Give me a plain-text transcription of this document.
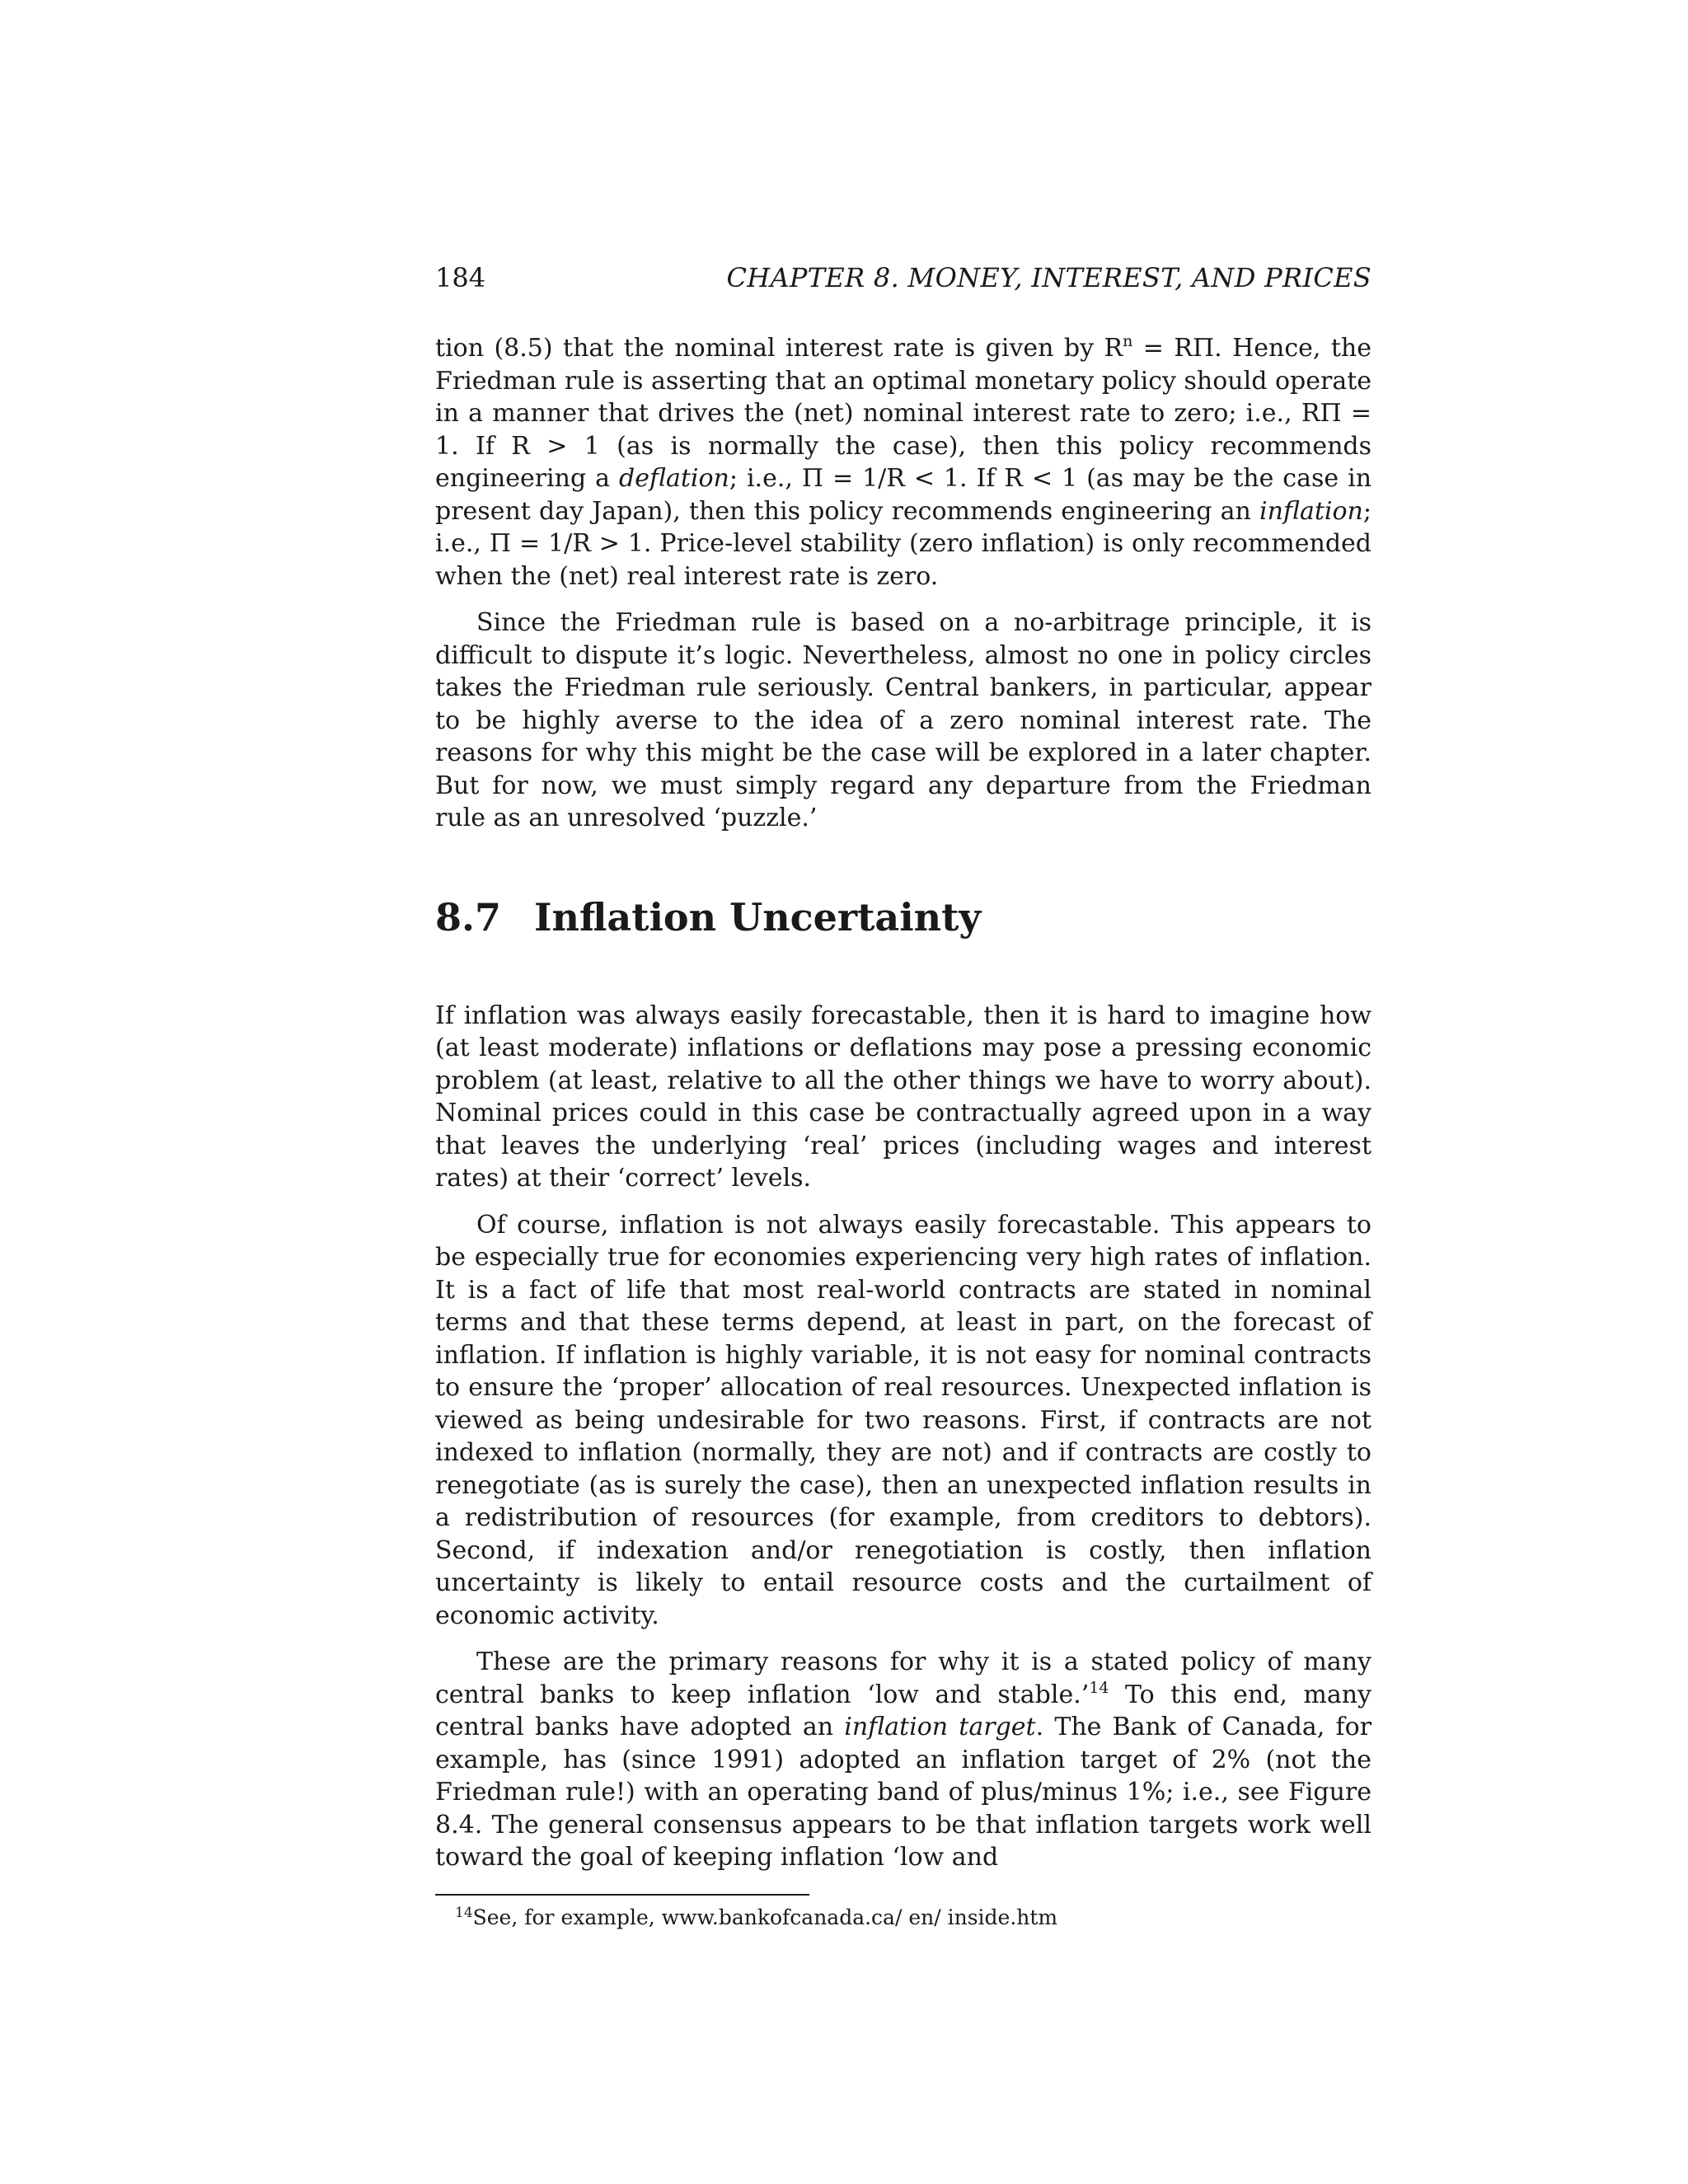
184	CHAPTER 8. MONEY, INTEREST, AND PRICES

tion (8.5) that the nominal interest rate is given by $R^n = R\Pi$. Hence, the Friedman rule is asserting that an optimal monetary policy should operate in a manner that drives the (net) nominal interest rate to zero; i.e., RΠ = 1. If R > 1 (as is normally the case), then this policy recommends engineering a deflation; i.e., Π = 1/R < 1. If R < 1 (as may be the case in present day Japan), then this policy recommends engineering an inflation; i.e., Π = 1/R > 1. Price-level stability (zero inflation) is only recommended when the (net) real interest rate is zero.

Since the Friedman rule is based on a no-arbitrage principle, it is difficult to dispute it’s logic. Nevertheless, almost no one in policy circles takes the Friedman rule seriously. Central bankers, in particular, appear to be highly averse to the idea of a zero nominal interest rate. The reasons for why this might be the case will be explored in a later chapter. But for now, we must simply regard any departure from the Friedman rule as an unresolved ‘puzzle.’

8.7 Inflation Uncertainty

If inflation was always easily forecastable, then it is hard to imagine how (at least moderate) inflations or deflations may pose a pressing economic problem (at least, relative to all the other things we have to worry about). Nominal prices could in this case be contractually agreed upon in a way that leaves the underlying ‘real’ prices (including wages and interest rates) at their ‘correct’ levels.

Of course, inflation is not always easily forecastable. This appears to be especially true for economies experiencing very high rates of inflation. It is a fact of life that most real-world contracts are stated in nominal terms and that these terms depend, at least in part, on the forecast of inflation. If inflation is highly variable, it is not easy for nominal contracts to ensure the ‘proper’ allocation of real resources. Unexpected inflation is viewed as being undesirable for two reasons. First, if contracts are not indexed to inflation (normally, they are not) and if contracts are costly to renegotiate (as is surely the case), then an unexpected inflation results in a redistribution of resources (for example, from creditors to debtors). Second, if indexation and/or renegotiation is costly, then inflation uncertainty is likely to entail resource costs and the curtailment of economic activity.

These are the primary reasons for why it is a stated policy of many central banks to keep inflation ‘low and stable.’$^{14}$ To this end, many central banks have adopted an inflation target. The Bank of Canada, for example, has (since 1991) adopted an inflation target of 2% (not the Friedman rule!) with an operating band of plus/minus 1%; i.e., see Figure 8.4. The general consensus appears to be that inflation targets work well toward the goal of keeping inflation ‘low and

$^{14}$See, for example, www.bankofcanada.ca/ en/ inside.htm
